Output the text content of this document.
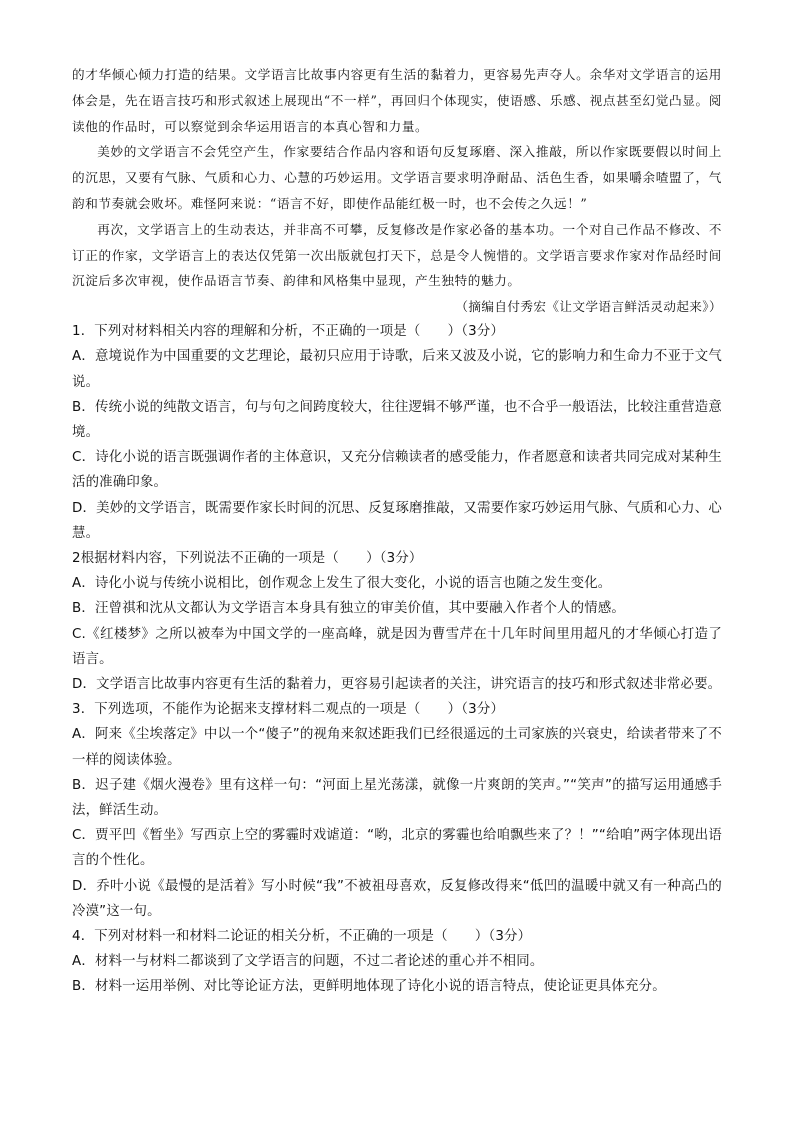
的才华倾心倾力打造的结果。文学语言比故事内容更有生活的黏着力，更容易先声夺人。余华对文学语言的运用体会是，先在语言技巧和形式叙述上展现出“不一样”，再回归个体现实，使语感、乐感、视点甚至幻觉凸显。阅读他的作品时，可以察觉到余华运用语言的本真心智和力量。

美妙的文学语言不会凭空产生，作家要结合作品内容和语句反复琢磨、深入推敲，所以作家既要假以时间上的沉思，又要有气脉、气质和心力、心慧的巧妙运用。文学语言要求明净耐品、活色生香，如果嚼余喳盟了，气韵和节奏就会败坏。难怪阿来说：“语言不好，即使作品能红极一时，也不会传之久远！”

再次，文学语言上的生动表达，并非高不可攀，反复修改是作家必备的基本功。一个对自己作品不修改、不订正的作家，文学语言上的表达仅凭第一次出版就包打天下，总是令人惋惜的。文学语言要求作家对作品经时间沉淀后多次审视，使作品语言节奏、韵律和风格集中显现，产生独特的魅力。

（摘编自付秀宏《让文学语言鲜活灵动起来》）

1．下列对材料相关内容的理解和分析，不正确的一项是（　　）（3分）

A．意境说作为中国重要的文艺理论，最初只应用于诗歌，后来又波及小说，它的影响力和生命力不亚于文气说。

B．传统小说的纯散文语言，句与句之间跨度较大，往往逻辑不够严谨，也不合乎一般语法，比较注重营造意境。

C．诗化小说的语言既强调作者的主体意识，又充分信赖读者的感受能力，作者愿意和读者共同完成对某种生活的准确印象。

D．美妙的文学语言，既需要作家长时间的沉思、反复琢磨推敲，又需要作家巧妙运用气脉、气质和心力、心慧。

2根据材料内容，下列说法不正确的一项是（　　）（3分）

A．诗化小说与传统小说相比，创作观念上发生了很大变化，小说的语言也随之发生变化。

B．汪曾祺和沈从文都认为文学语言本身具有独立的审美价值，其中要融入作者个人的情感。

C.《红楼梦》之所以被奉为中国文学的一座高峰，就是因为曹雪芹在十几年时间里用超凡的才华倾心打造了语言。

D．文学语言比故事内容更有生活的黏着力，更容易引起读者的关注，讲究语言的技巧和形式叙述非常必要。

3．下列选项，不能作为论据来支撑材料二观点的一项是（　　）（3分）

A．阿来《尘埃落定》中以一个“傻子”的视角来叙述距我们已经很遥远的土司家族的兴衰史，给读者带来了不一样的阅读体验。

B．迟子建《烟火漫卷》里有这样一句：“河面上星光荡漾，就像一片爽朗的笑声。”“笑声”的描写运用通感手法，鲜活生动。

C．贾平凹《暂坐》写西京上空的雾霾时戏谑道：“哟，北京的雾霾也给咱飘些来了？！”“给咱”两字体现出语言的个性化。

D．乔叶小说《最慢的是活着》写小时候“我”不被祖母喜欢，反复修改得来“低凹的温暖中就又有一种高凸的冷漠”这一句。

4．下列对材料一和材料二论证的相关分析，不正确的一项是（　　）（3分）

A．材料一与材料二都谈到了文学语言的问题，不过二者论述的重心并不相同。

B．材料一运用举例、对比等论证方法，更鲜明地体现了诗化小说的语言特点，使论证更具体充分。
